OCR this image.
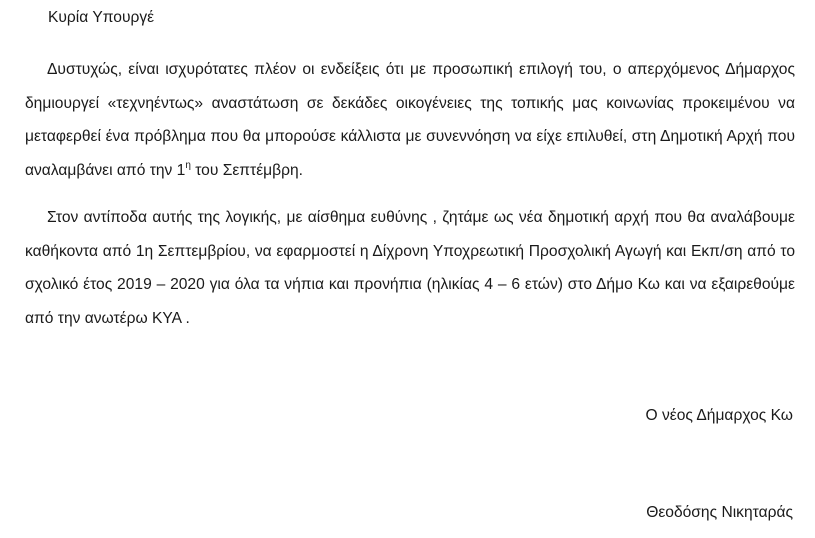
Κυρία Υπουργέ

Δυστυχώς, είναι ισχυρότατες πλέον οι ενδείξεις ότι με προσωπική επιλογή του, ο απερχόμενος Δήμαρχος δημιουργεί «τεχνηέντως» αναστάτωση σε δεκάδες οικογένειες της τοπικής μας κοινωνίας προκειμένου να μεταφερθεί ένα πρόβλημα που θα μπορούσε κάλλιστα με συνεννόηση να είχε επιλυθεί, στη Δημοτική Αρχή που αναλαμβάνει από την $1^\eta$ του Σεπτέμβρη.

Στον αντίποδα αυτής της λογικής, με αίσθημα ευθύνης , ζητάμε ως νέα δημοτική αρχή που θα αναλάβουμε καθήκοντα από 1η Σεπτεμβρίου, να εφαρμοστεί η Δίχρονη Υποχρεωτική Προσχολική Αγωγή και Εκπ/ση από το σχολικό έτος 2019 – 2020 για όλα τα νήπια και προνήπια (ηλικίας 4 – 6 ετών) στο Δήμο Κω και να εξαιρεθούμε από την ανωτέρω ΚΥΑ .

Ο νέος Δήμαρχος Κω

Θεοδόσης Νικηταράς
